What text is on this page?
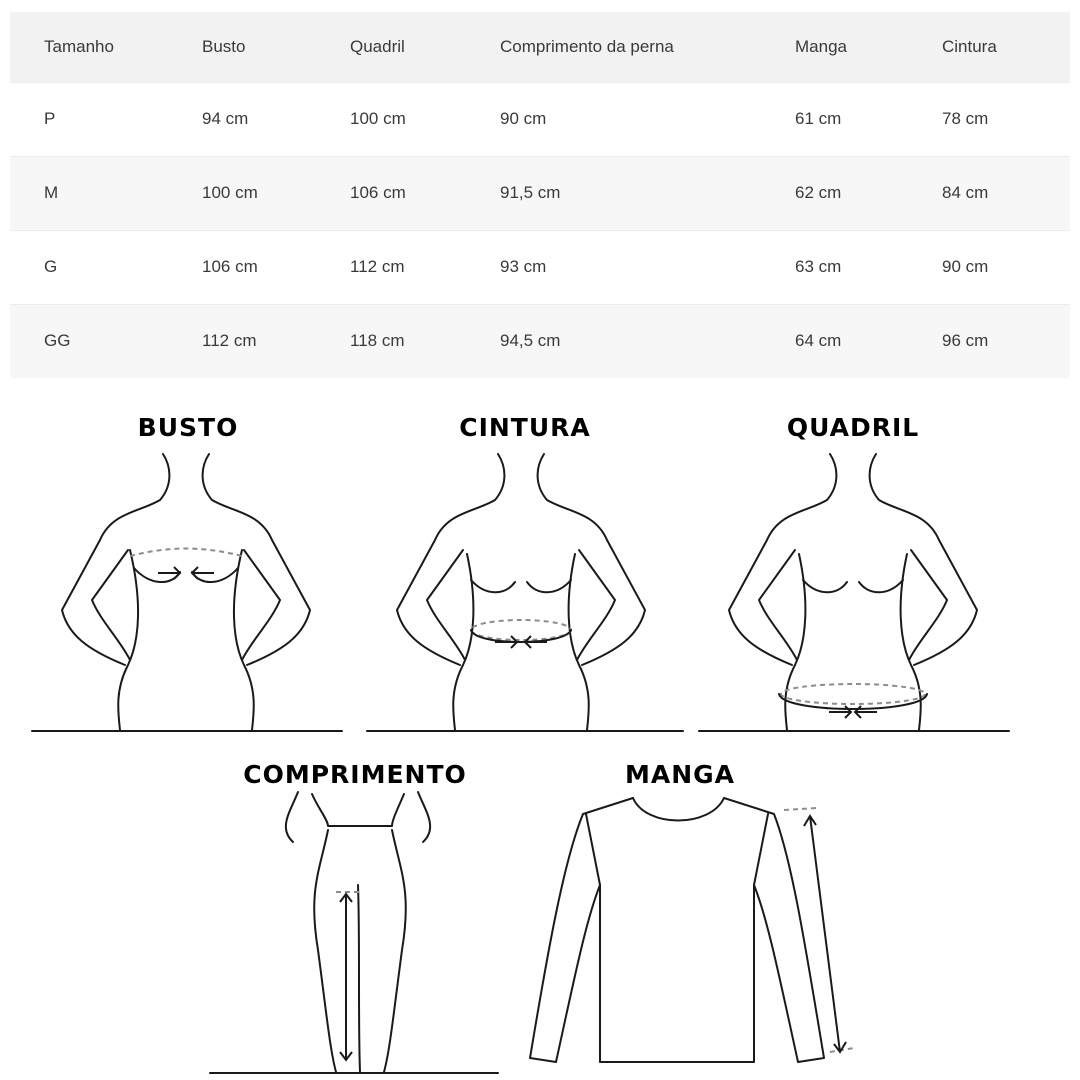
Tamanho	Busto	Quadril	Comprimento da perna	Manga	Cintura
P	94 cm	100 cm	90 cm	61 cm	78 cm
M	100 cm	106 cm	91,5 cm	62 cm	84 cm
G	106 cm	112 cm	93 cm	63 cm	90 cm
GG	112 cm	118 cm	94,5 cm	64 cm	96 cm
BUSTO	CINTURA	QUADRIL
COMPRIMENTO	MANGA
